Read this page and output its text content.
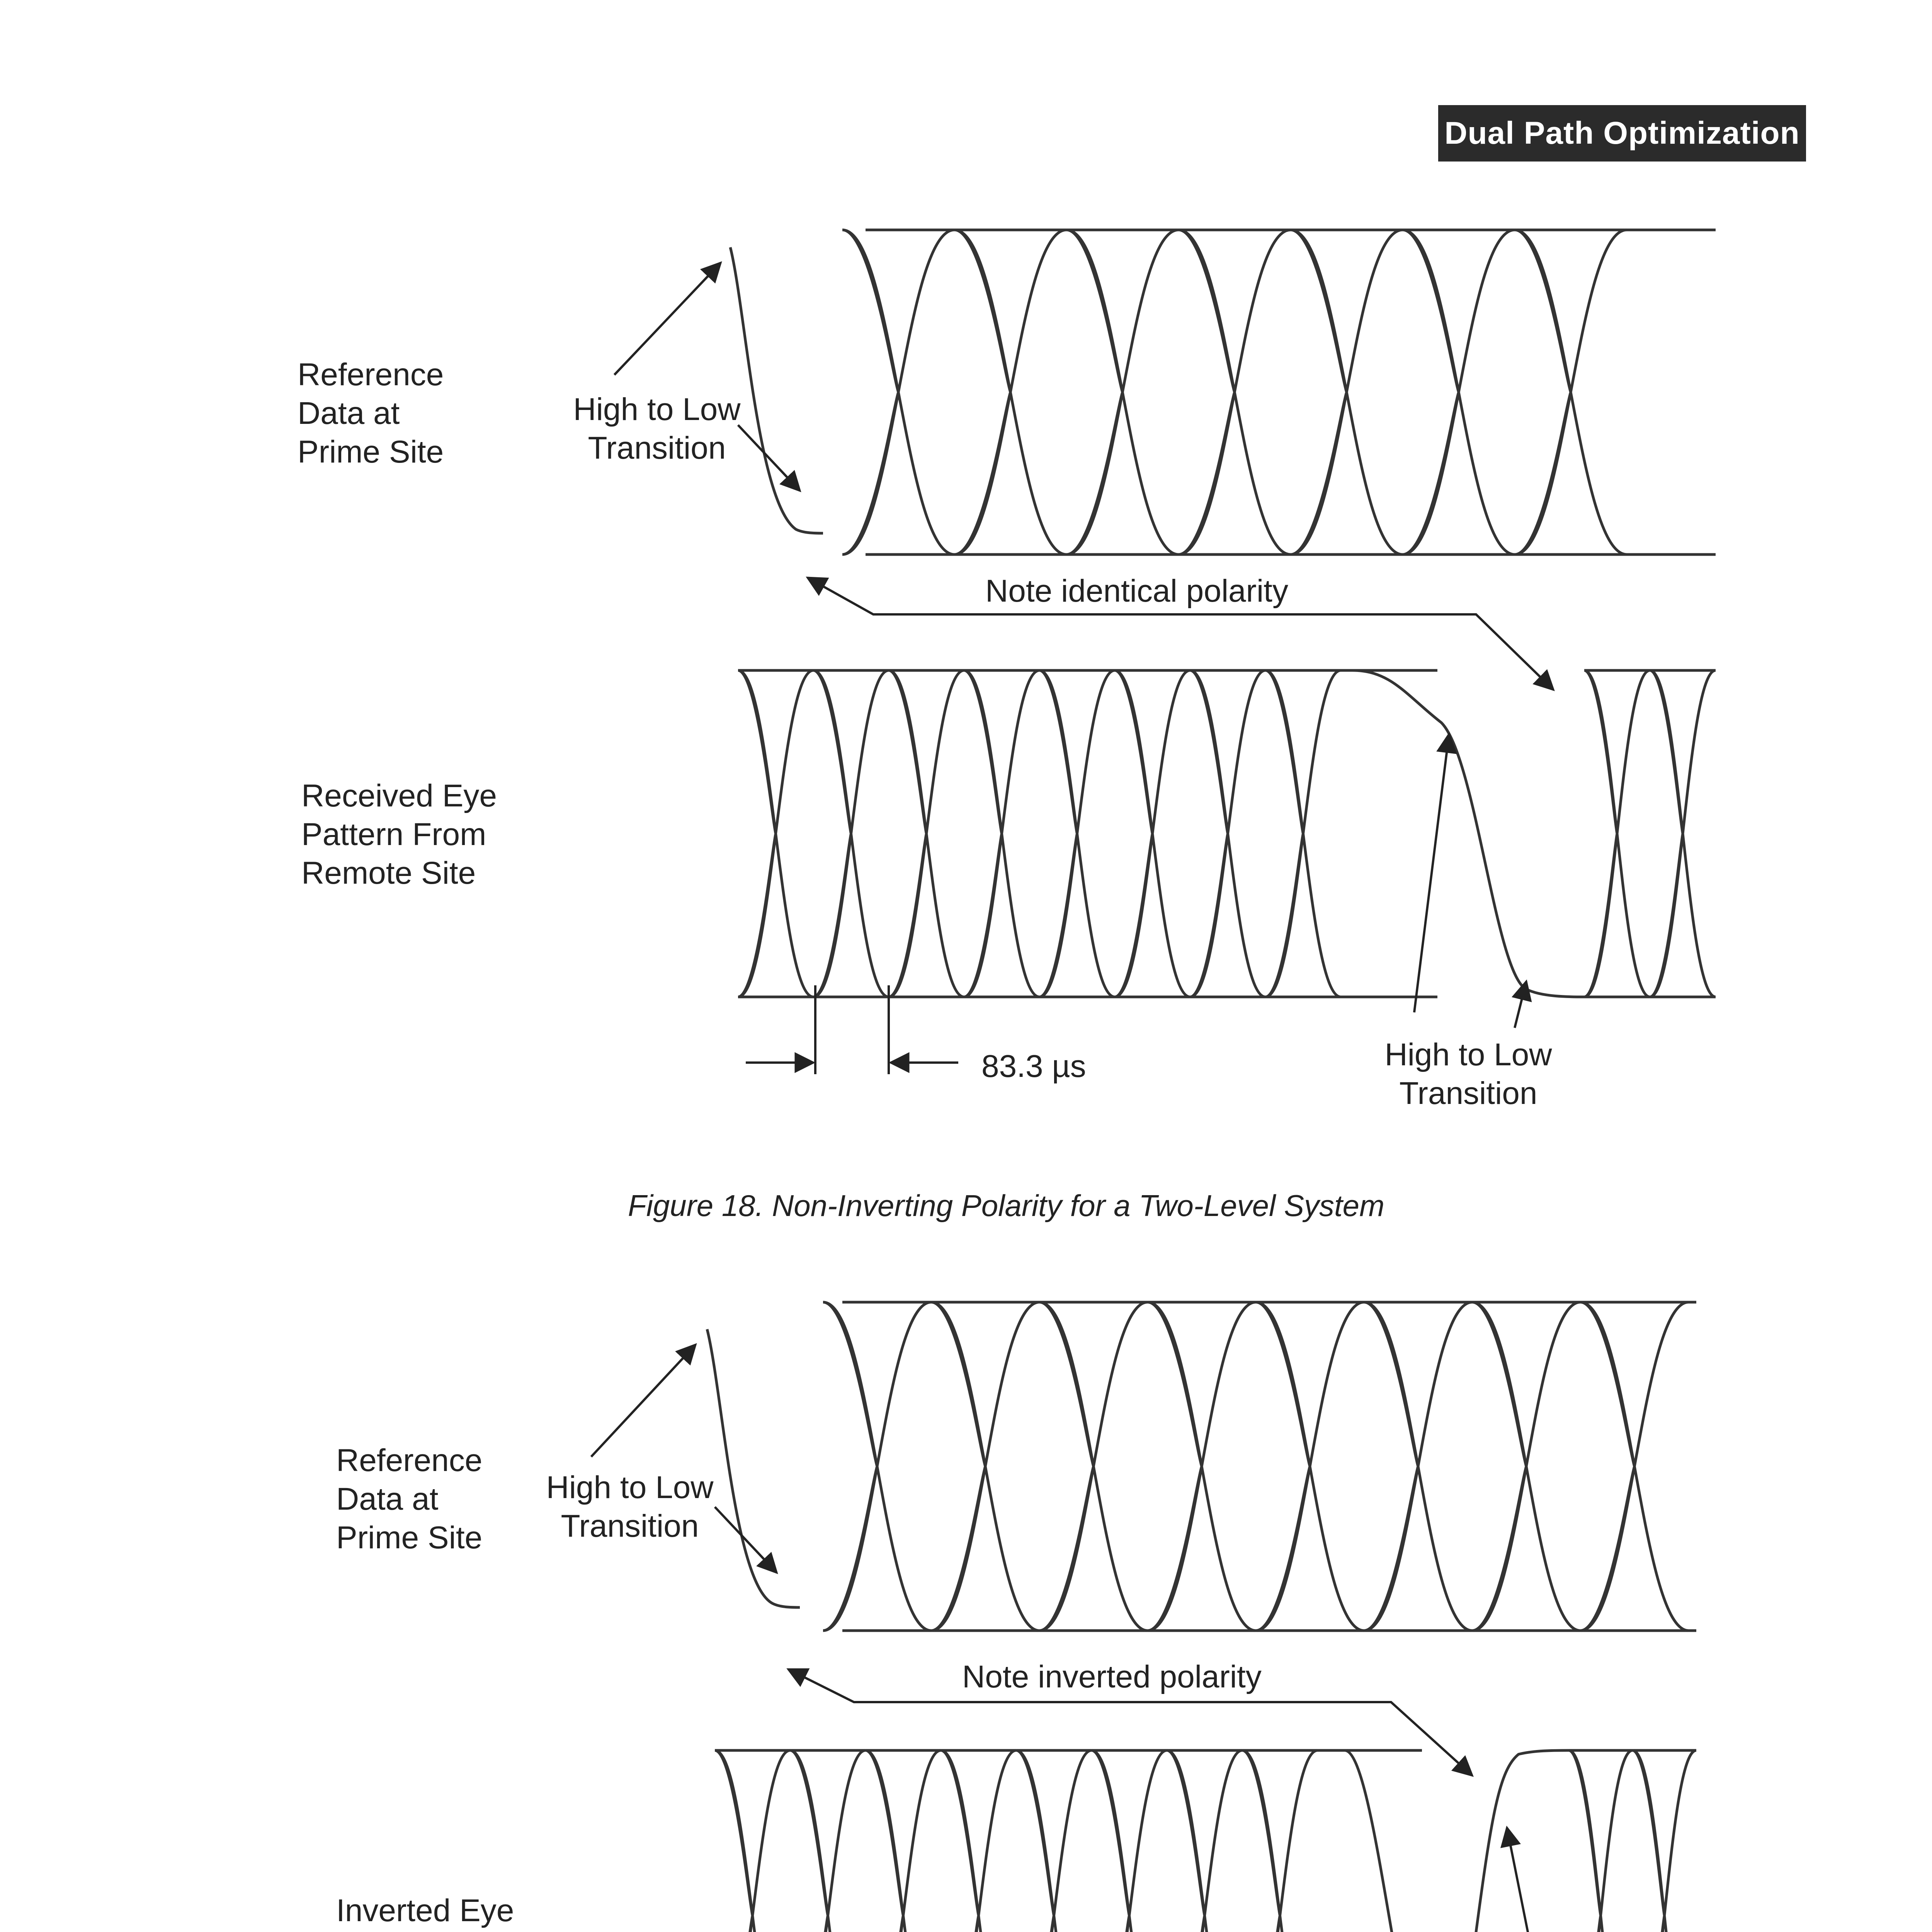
Dual Path Optimization
Reference
Data at
Prime Site
High to Low
Transition
Note identical polarity
Received Eye
Pattern From
Remote Site
83.3 µs	High to Low
Transition
Figure 18. Non-Inverting Polarity for a Two-Level System
Reference
Data at
Prime Site
High to Low
Transition
Note inverted polarity
Inverted Eye
